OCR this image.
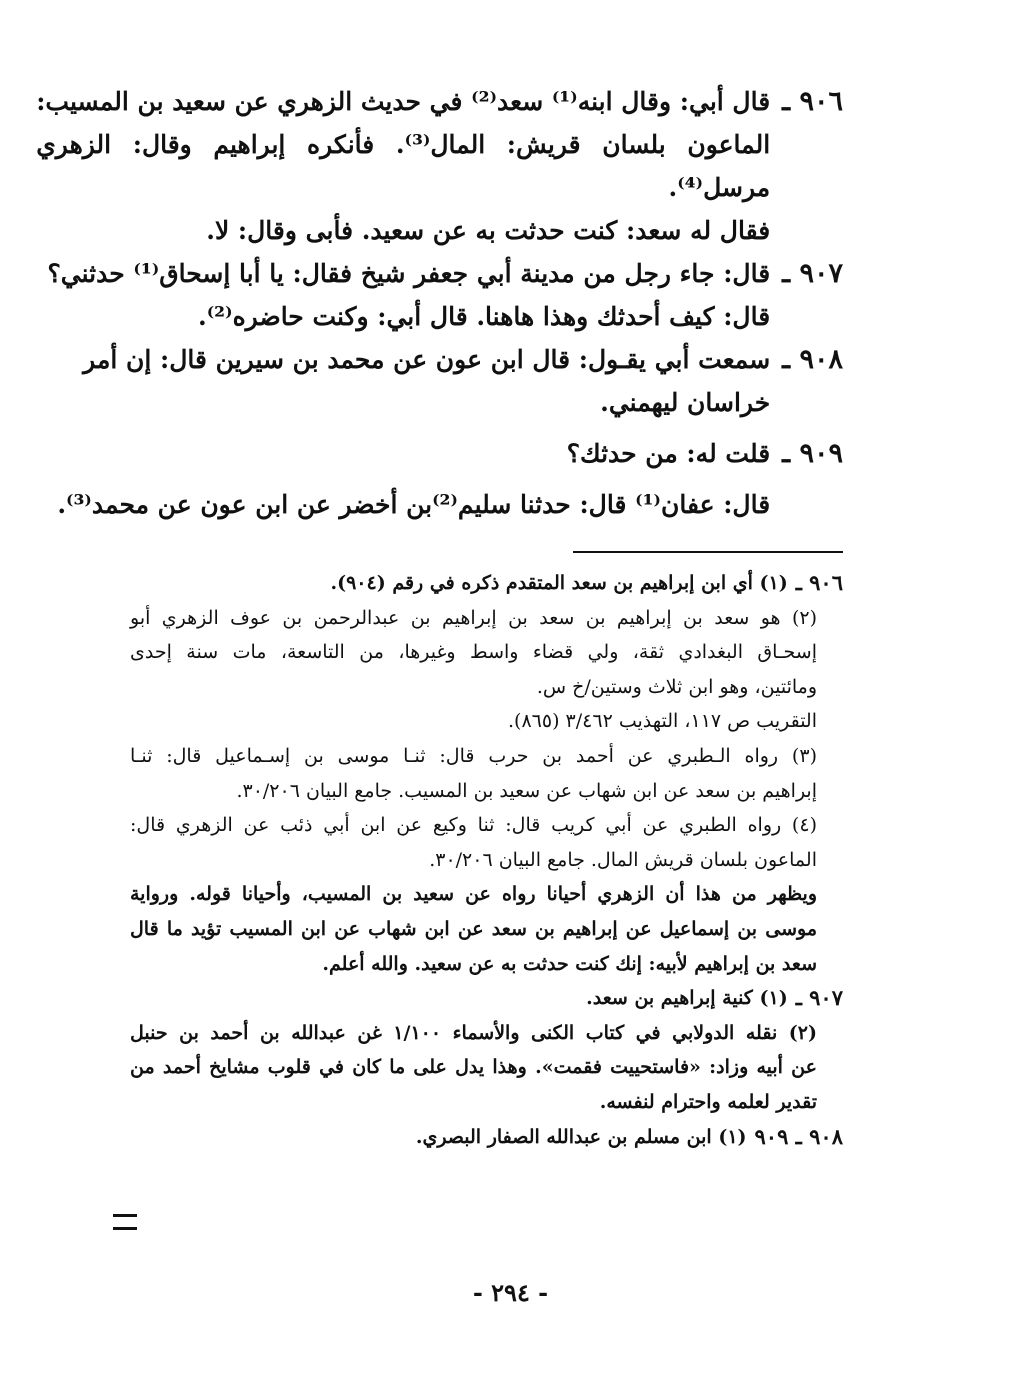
٩٠٦ ـ
قال أبي: وقال ابنه⁽¹⁾ سعد⁽²⁾ في حديث الزهري عن سعيد بن المسيب:
الماعون بلسان قريش: المال⁽³⁾. فأنكره إبراهيم وقال: الزهري
مرسل⁽⁴⁾.
فقال له سعد: كنت حدثت به عن سعيد. فأبى وقال: لا.
٩٠٧ ـ
قال: جاء رجل من مدينة أبي جعفر شيخ فقال: يا أبا إسحاق⁽¹⁾ حدثني؟
قال: كيف أحدثك وهذا هاهنا. قال أبي: وكنت حاضره⁽²⁾.
٩٠٨ ـ
سمعت أبي يقـول: قال ابن عون عن محمد بن سيرين قال: إن أمر
خراسان ليهمني.
٩٠٩ ـ
قلت له: من حدثك؟
قال: عفان⁽¹⁾ قال: حدثنا سليم⁽²⁾بن أخضر عن ابن عون عن محمد⁽³⁾.
٩٠٦ ـ
(١) أي ابن إبراهيم بن سعد المتقدم ذكره في رقم (٩٠٤).
(٢) هو سعد بن إبراهيم بن سعد بن إبراهيم بن عبدالرحمن بن عوف الزهري أبو
إسحـاق البغدادي ثقة، ولي قضاء واسط وغيرها، من التاسعة، مات سنة إحدى
ومائتين، وهو ابن ثلاث وستين/خ س.
التقريب ص ١١٧، التهذيب ٣/٤٦٢ (٨٦٥).
(٣) رواه الـطبري عن أحمد بن حرب قال: ثنـا موسى بن إسـماعيل قال: ثنـا
إبراهيم بن سعد عن ابن شهاب عن سعيد بن المسيب. جامع البيان ٣٠/٢٠٦.
(٤) رواه الطبري عن أبي كريب قال: ثنا وكيع عن ابن أبي ذئب عن الزهري قال:
الماعون بلسان قريش المال. جامع البيان ٣٠/٢٠٦.
ويظهر من هذا أن الزهري أحيانا رواه عن سعيد بن المسيب، وأحيانا قوله. ورواية
موسى بن إسماعيل عن إبراهيم بن سعد عن ابن شهاب عن ابن المسيب تؤيد ما قال
سعد بن إبراهيم لأبيه: إنك كنت حدثت به عن سعيد. والله أعلم.
٩٠٧ ـ
(١) كنية إبراهيم بن سعد.
(٢) نقله الدولابي في كتاب الكنى والأسماء ١/١٠٠ غن عبدالله بن أحمد بن حنبل
عن أبيه وزاد: «فاستحييت فقمت». وهذا يدل على ما كان في قلوب مشايخ أحمد من
تقدير لعلمه واحترام لنفسه.
٩٠٨ ـ ٩٠٩
(١) ابن مسلم بن عبدالله الصفار البصري.
- ٢٩٤ -
